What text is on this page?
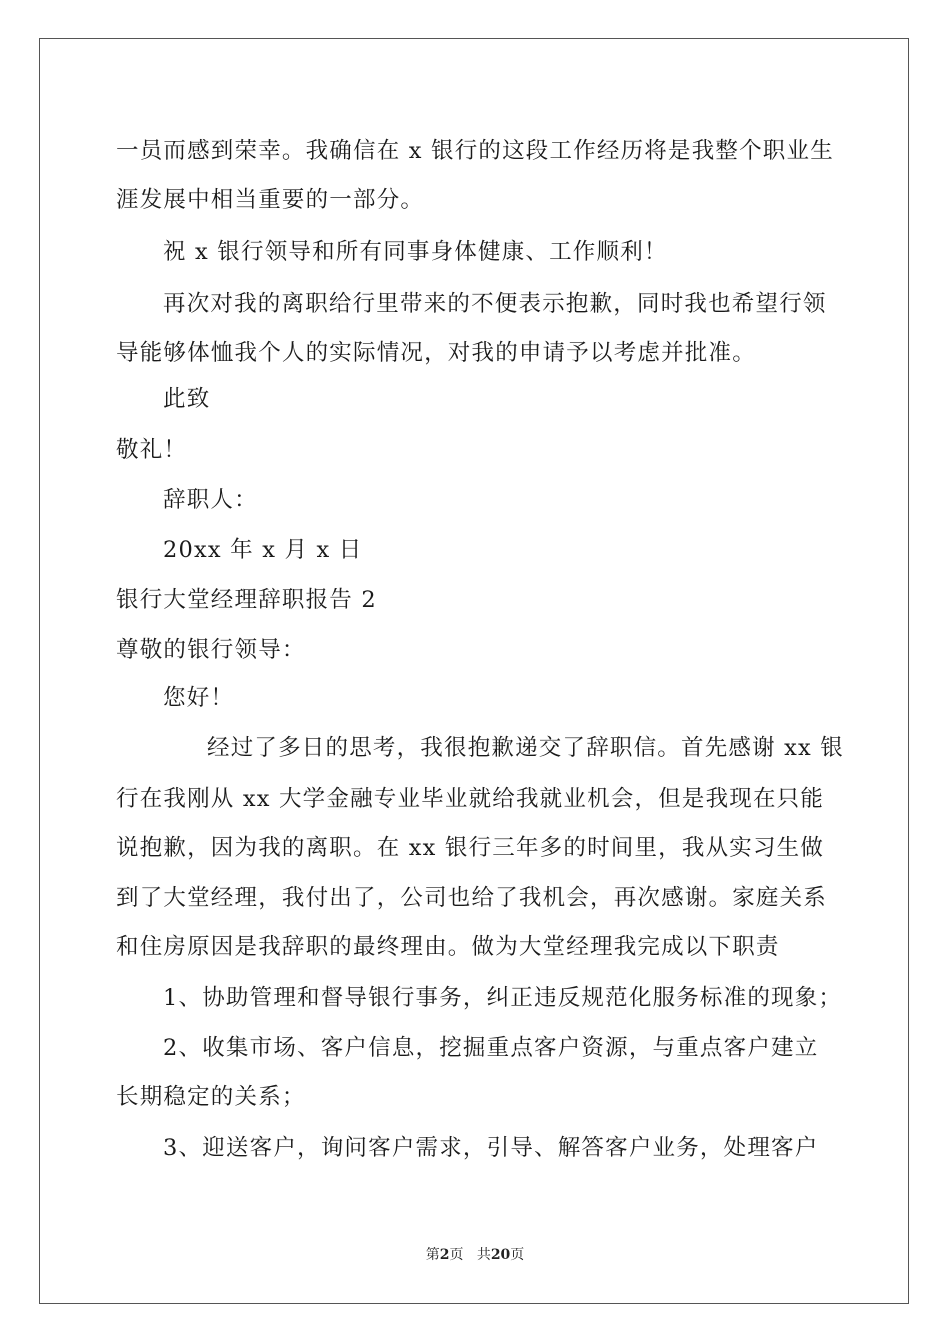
一员而感到荣幸。我确信在 x 银行的这段工作经历将是我整个职业生
涯发展中相当重要的一部分。
祝 x 银行领导和所有同事身体健康、工作顺利！
再次对我的离职给行里带来的不便表示抱歉，同时我也希望行领
导能够体恤我个人的实际情况，对我的申请予以考虑并批准。
此致
敬礼！
辞职人：
20xx 年 x 月 x 日
银行大堂经理辞职报告 2
尊敬的银行领导：
您好！
经过了多日的思考，我很抱歉递交了辞职信。首先感谢 xx 银
行在我刚从 xx 大学金融专业毕业就给我就业机会，但是我现在只能
说抱歉，因为我的离职。在 xx 银行三年多的时间里，我从实习生做
到了大堂经理，我付出了，公司也给了我机会，再次感谢。家庭关系
和住房原因是我辞职的最终理由。做为大堂经理我完成以下职责
1、协助管理和督导银行事务，纠正违反规范化服务标准的现象；
2、收集市场、客户信息，挖掘重点客户资源，与重点客户建立
长期稳定的关系；
3、迎送客户，询问客户需求，引导、解答客户业务，处理客户
第2页 共20页
